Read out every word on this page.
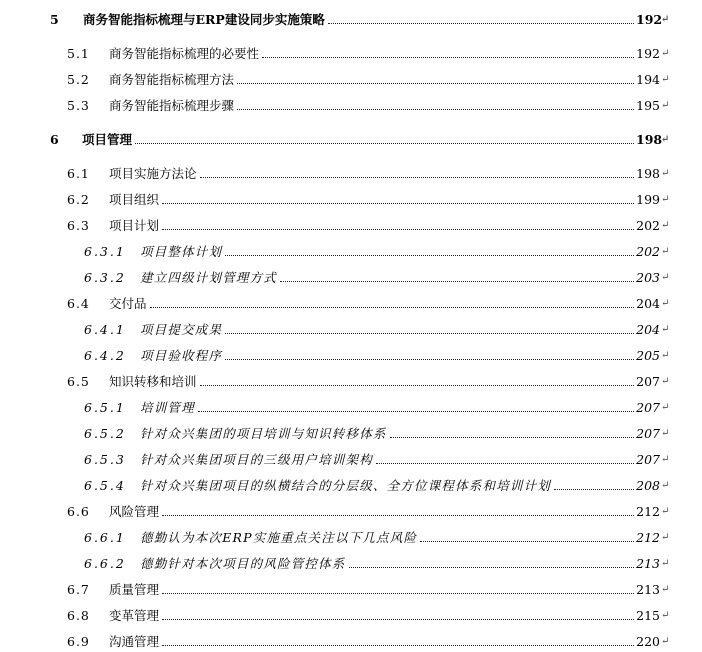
5 商务智能指标梳理与ERP建设同步实施策略	192
↵
5.1 商务智能指标梳理的必要性	192 ↵
5.2 商务智能指标梳理方法	194 ↵
5.3 商务智能指标梳理步骤	195 ↵
6 项目管理	198
↵
6.1 项目实施方法论	198 ↵
6.2 项目组织	199 ↵
6.3 项目计划	202 ↵
6.3.1 项目整体计划	202 ↵
6.3.2 建立四级计划管理方式	203 ↵
6.4 交付品	204 ↵
6.4.1 项目提交成果	204 ↵
6.4.2 项目验收程序	205 ↵
6.5 知识转移和培训	207 ↵
6.5.1 培训管理	207 ↵
6.5.2 针对众兴集团的项目培训与知识转移体系	207 ↵
6.5.3 针对众兴集团项目的三级用户培训架构	207 ↵
6.5.4 针对众兴集团项目的纵横结合的分层级、全方位课程体系和培训计划	208 ↵
6.6 风险管理	212 ↵
6.6.1 德勤认为本次ERP实施重点关注以下几点风险	212 ↵
6.6.2 德勤针对本次项目的风险管控体系	213 ↵
6.7 质量管理	213 ↵
6.8 变革管理	215 ↵
6.9 沟通管理	220 ↵
